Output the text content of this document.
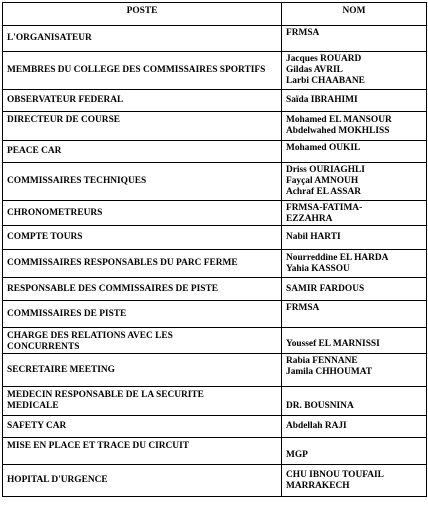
POSTE	NOM
L'ORGANISATEUR	FRMSA
MEMBRES DU COLLEGE DES COMMISSAIRES SPORTIFS	Jacques ROUARD
Gildas AVRIL
Larbi CHAABANE
OBSERVATEUR FEDERAL	Saïda IBRAHIMI
DIRECTEUR DE COURSE	Mohamed EL MANSOUR
Abdelwahed MOKHLISS
PEACE CAR	Mohamed OUKIL
COMMISSAIRES TECHNIQUES	Driss OURIAGHLI
Fayçal AMNOUH
Achraf EL ASSAR
CHRONOMETREURS	FRMSA-FATIMA-
EZZAHRA
COMPTE TOURS	Nabil HARTI
COMMISSAIRES RESPONSABLES DU PARC FERME	Nourreddine EL HARDA
Yahia KASSOU
RESPONSABLE DES COMMISSAIRES DE PISTE	SAMIR FARDOUS
COMMISSAIRES DE PISTE	FRMSA
CHARGE DES RELATIONS AVEC LES
CONCURRENTS	Youssef EL MARNISSI
SECRETAIRE MEETING	Rabia FENNANE
Jamila CHHOUMAT
MEDECIN RESPONSABLE DE LA SECURITE
MEDICALE	DR. BOUSNINA
SAFETY CAR	Abdellah RAJI
MISE EN PLACE ET TRACE DU CIRCUIT	MGP
HOPITAL D'URGENCE	CHU IBNOU TOUFAIL
MARRAKECH
